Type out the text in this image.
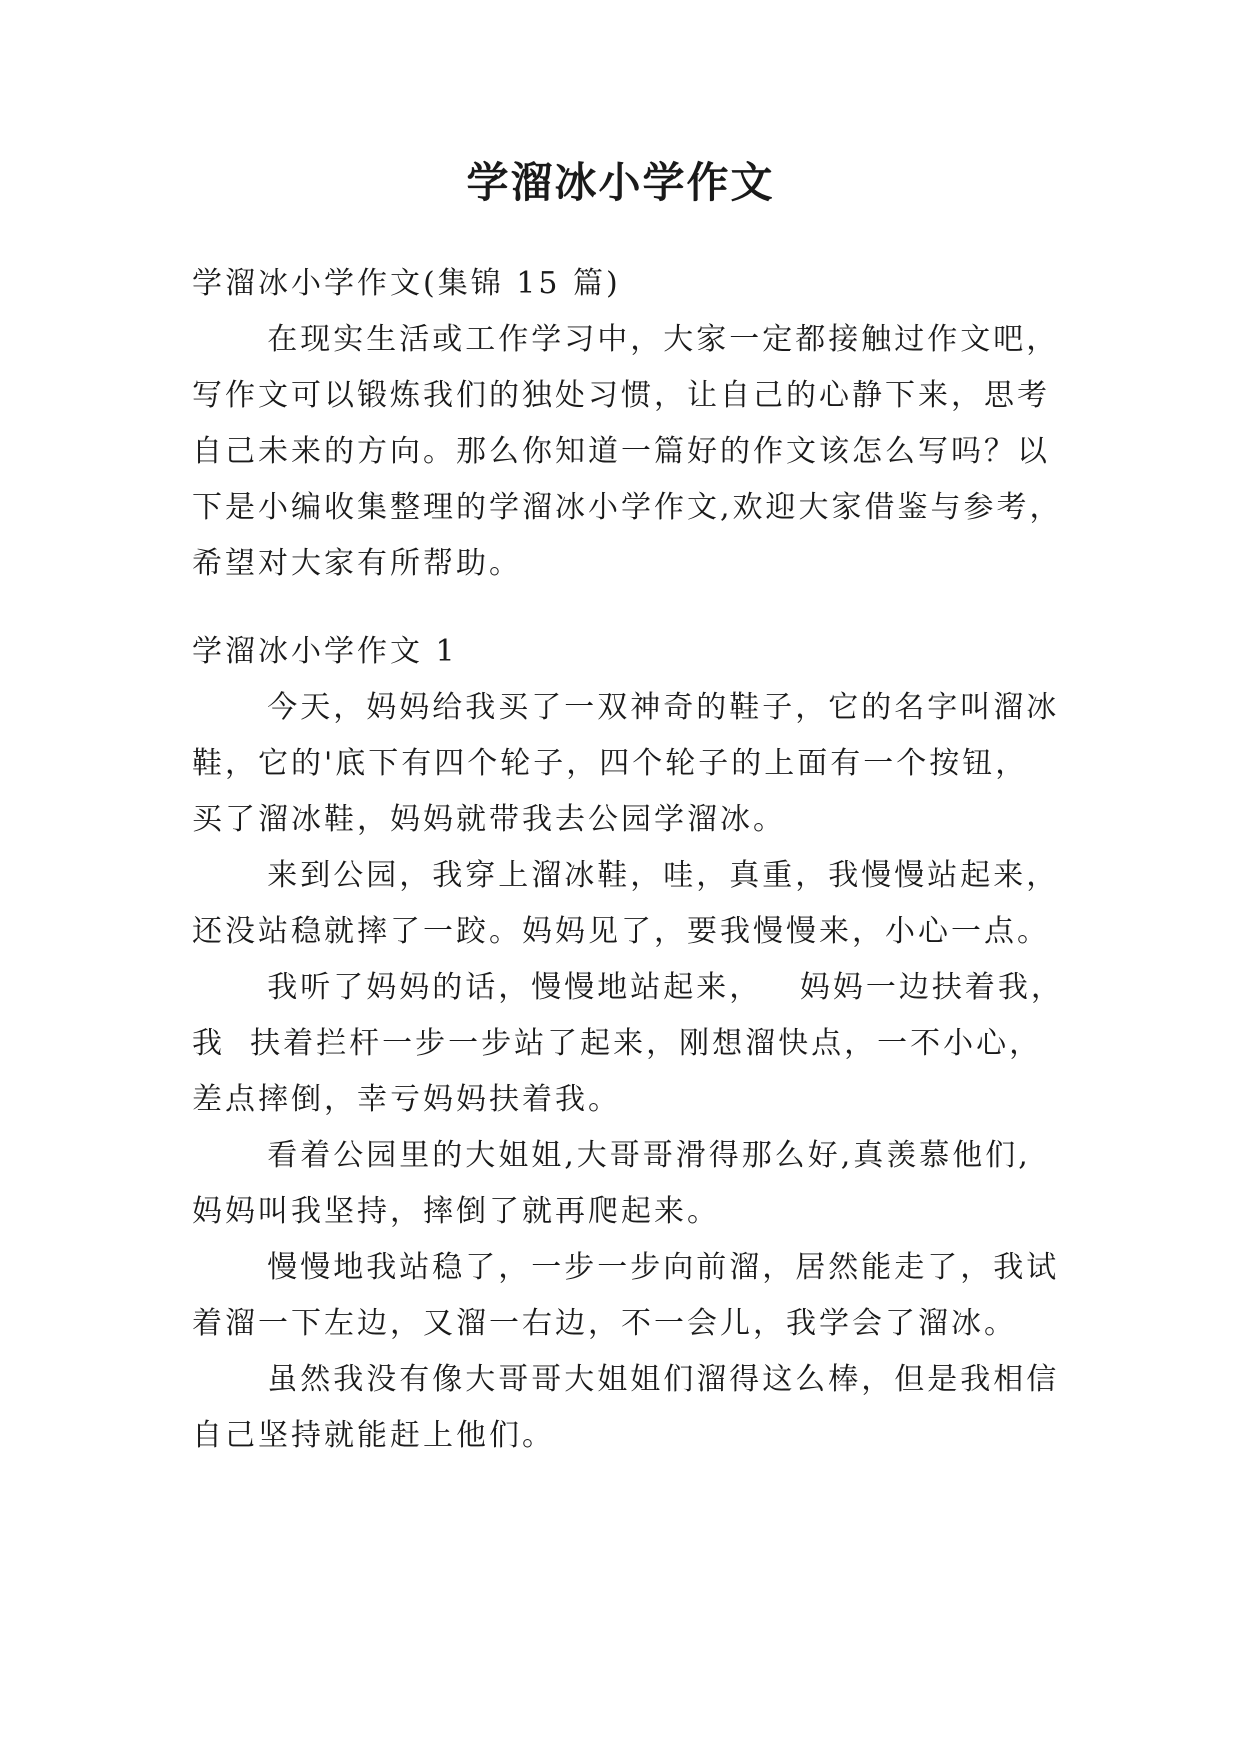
学溜冰小学作文

学溜冰小学作文(集锦 15 篇)

在现实生活或工作学习中，大家一定都接触过作文吧，

写作文可以锻炼我们的独处习惯，让自己的心静下来，思考

自己未来的方向。那么你知道一篇好的作文该怎么写吗？以

下是小编收集整理的学溜冰小学作文,欢迎大家借鉴与参考，

希望对大家有所帮助。

学溜冰小学作文 1

今天，妈妈给我买了一双神奇的鞋子，它的名字叫溜冰

鞋，它的'底下有四个轮子，四个轮子的上面有一个按钮，

买了溜冰鞋，妈妈就带我去公园学溜冰。

来到公园，我穿上溜冰鞋，哇，真重，我慢慢站起来，

还没站稳就摔了一跤。妈妈见了，要我慢慢来，小心一点。

我听了妈妈的话，慢慢地站起来，   妈妈一边扶着我，

我  扶着拦杆一步一步站了起来，刚想溜快点，一不小心，

差点摔倒，幸亏妈妈扶着我。

看着公园里的大姐姐,大哥哥滑得那么好,真羡慕他们,

妈妈叫我坚持，摔倒了就再爬起来。

慢慢地我站稳了，一步一步向前溜，居然能走了，我试

着溜一下左边，又溜一右边，不一会儿，我学会了溜冰。

虽然我没有像大哥哥大姐姐们溜得这么棒，但是我相信

自己坚持就能赶上他们。
